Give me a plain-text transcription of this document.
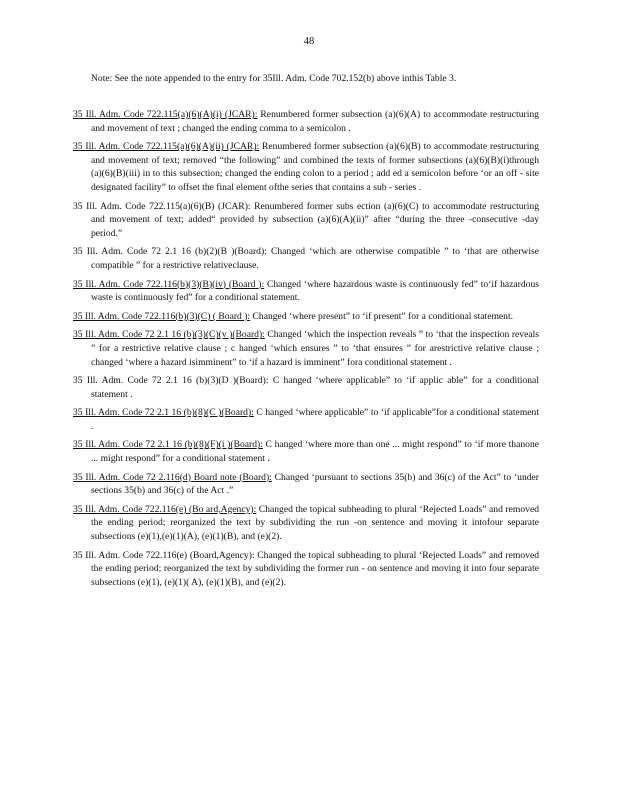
48
Note: See the note appended to the entry for 35Ill. Adm. Code 702.152(b) above inthis Table 3.
35 Ill. Adm. Code 722.115(a)(6)(A)(i) (JCAR): Renumbered former subsection (a)(6)(A) to accommodate restructuring and movement of text ; changed the ending comma to a semicolon .
35 Ill. Adm. Code 722.115(a)(6)(A)(ii) (JCAR): Renumbered former subsection (a)(6)(B) to accommodate restructuring and movement of text; removed “the following” and combined the texts of former subsections (a)(6)(B)(i)through (a)(6)(B)(iii) in to this subsection; changed the ending colon to a period ; add ed a semicolon before ‘or an off - site designated facility” to offset the final element ofthe series that contains a sub - series .
35 Ill. Adm. Code 722.115(a)(6)(B) (JCAR): Renumbered former subs ection (a)(6)(C) to accommodate restructuring and movement of text; added“ provided by subsection (a)(6)(A)(ii)” after “during the three -consecutive -day period.”
35 Ill. Adm. Code 72 2.1 16 (b)(2)(B )(Board): Changed ‘which are otherwise compatible ” to ‘that are otherwise compatible ” for a restrictive relativeclause.
35 Ill. Adm. Code 722.116(b)(3)(B)(iv) (Board ): Changed ‘where hazardous waste is continuously fed” to‘if hazardous waste is continuously fed” for a conditional statement.
35 Ill. Adm. Code 722.116(b)(3)(C) ( Board ): Changed ‘where present” to ‘if present” for a conditional statement.
35 Ill. Adm. Code 72 2.1 16 (b)(3)(C)(v )(Board): Changed ‘which the inspection reveals ” to ‘that the inspection reveals ” for a restrictive relative clause ; c hanged ‘which ensures ” to ‘that ensures ” for arestrictive relative clause ; changed ‘where a hazard isimminent” to ‘if a hazard is imminent” fora conditional statement .
35 Ill. Adm. Code 72 2.1 16 (b)(3)(D )(Board): C hanged ‘where applicable” to ‘if applic able” for a conditional statement .
35 Ill. Adm. Code 72 2.1 16 (b)(8)(C )(Board): C hanged ‘where applicable” to ‘if applicable”for a conditional statement .
35 Ill. Adm. Code 72 2.1 16 (b)(8)(F)(i )(Board): C hanged ‘where more than one ... might respond” to ‘if more thanone ... might respond” for a conditional statement .
35 Ill. Adm. Code 72 2.116(d) Board note (Board): Changed ‘pursuant to sections 35(b) and 36(c) of the Act” to ‘under sections 35(b) and 36(c) of the Act .”
35 Ill. Adm. Code 722.116(e) (Bo ard,Agency): Changed the topical subheading to plural ‘Rejected Loads” and removed the ending period; reorganized the text by subdividing the run -on sentence and moving it intofour separate subsections (e)(1),(e)(1)(A), (e)(1)(B), and (e)(2).
35 Ill. Adm. Code 722.116(e) (Board,Agency): Changed the topical subheading to plural ‘Rejected Loads” and removed the ending period; reorganized the text by subdividing the former run - on sentence and moving it into four separate subsections (e)(1), (e)(1)( A), (e)(1)(B), and (e)(2).
